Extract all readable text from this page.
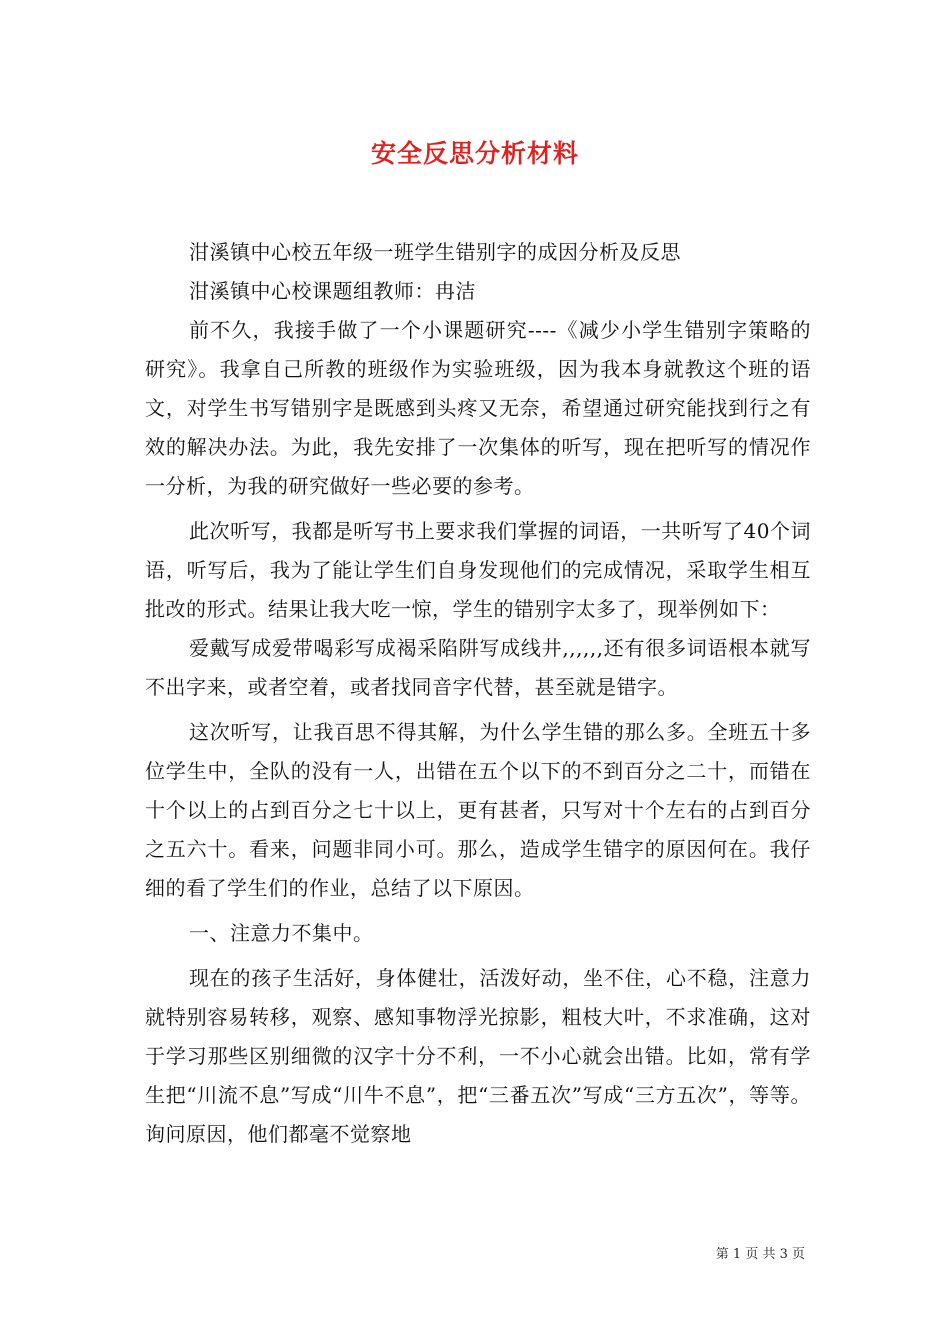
安全反思分析材料

泔溪镇中心校五年级一班学生错别字的成因分析及反思

泔溪镇中心校课题组教师：冉洁

前不久，我接手做了一个小课题研究----《减少小学生错别字策略的研究》。我拿自己所教的班级作为实验班级，因为我本身就教这个班的语文，对学生书写错别字是既感到头疼又无奈，希望通过研究能找到行之有效的解决办法。为此，我先安排了一次集体的听写，现在把听写的情况作一分析，为我的研究做好一些必要的参考。

此次听写，我都是听写书上要求我们掌握的词语，一共听写了40个词语，听写后，我为了能让学生们自身发现他们的完成情况，采取学生相互批改的形式。结果让我大吃一惊，学生的错别字太多了，现举例如下：

爱戴写成爱带喝彩写成褐采陷阱写成线井,,,,,,还有很多词语根本就写不出字来，或者空着，或者找同音字代替，甚至就是错字。

这次听写，让我百思不得其解，为什么学生错的那么多。全班五十多位学生中，全队的没有一人，出错在五个以下的不到百分之二十，而错在十个以上的占到百分之七十以上，更有甚者，只写对十个左右的占到百分之五六十。看来，问题非同小可。那么，造成学生错字的原因何在。我仔细的看了学生们的作业，总结了以下原因。

一、注意力不集中。

现在的孩子生活好，身体健壮，活泼好动，坐不住，心不稳，注意力就特别容易转移，观察、感知事物浮光掠影，粗枝大叶，不求准确，这对于学习那些区别细微的汉字十分不利，一不小心就会出错。比如，常有学生把“川流不息”写成“川牛不息”，把“三番五次”写成“三方五次”，等等。询问原因，他们都毫不觉察地

第 1 页 共 3 页
